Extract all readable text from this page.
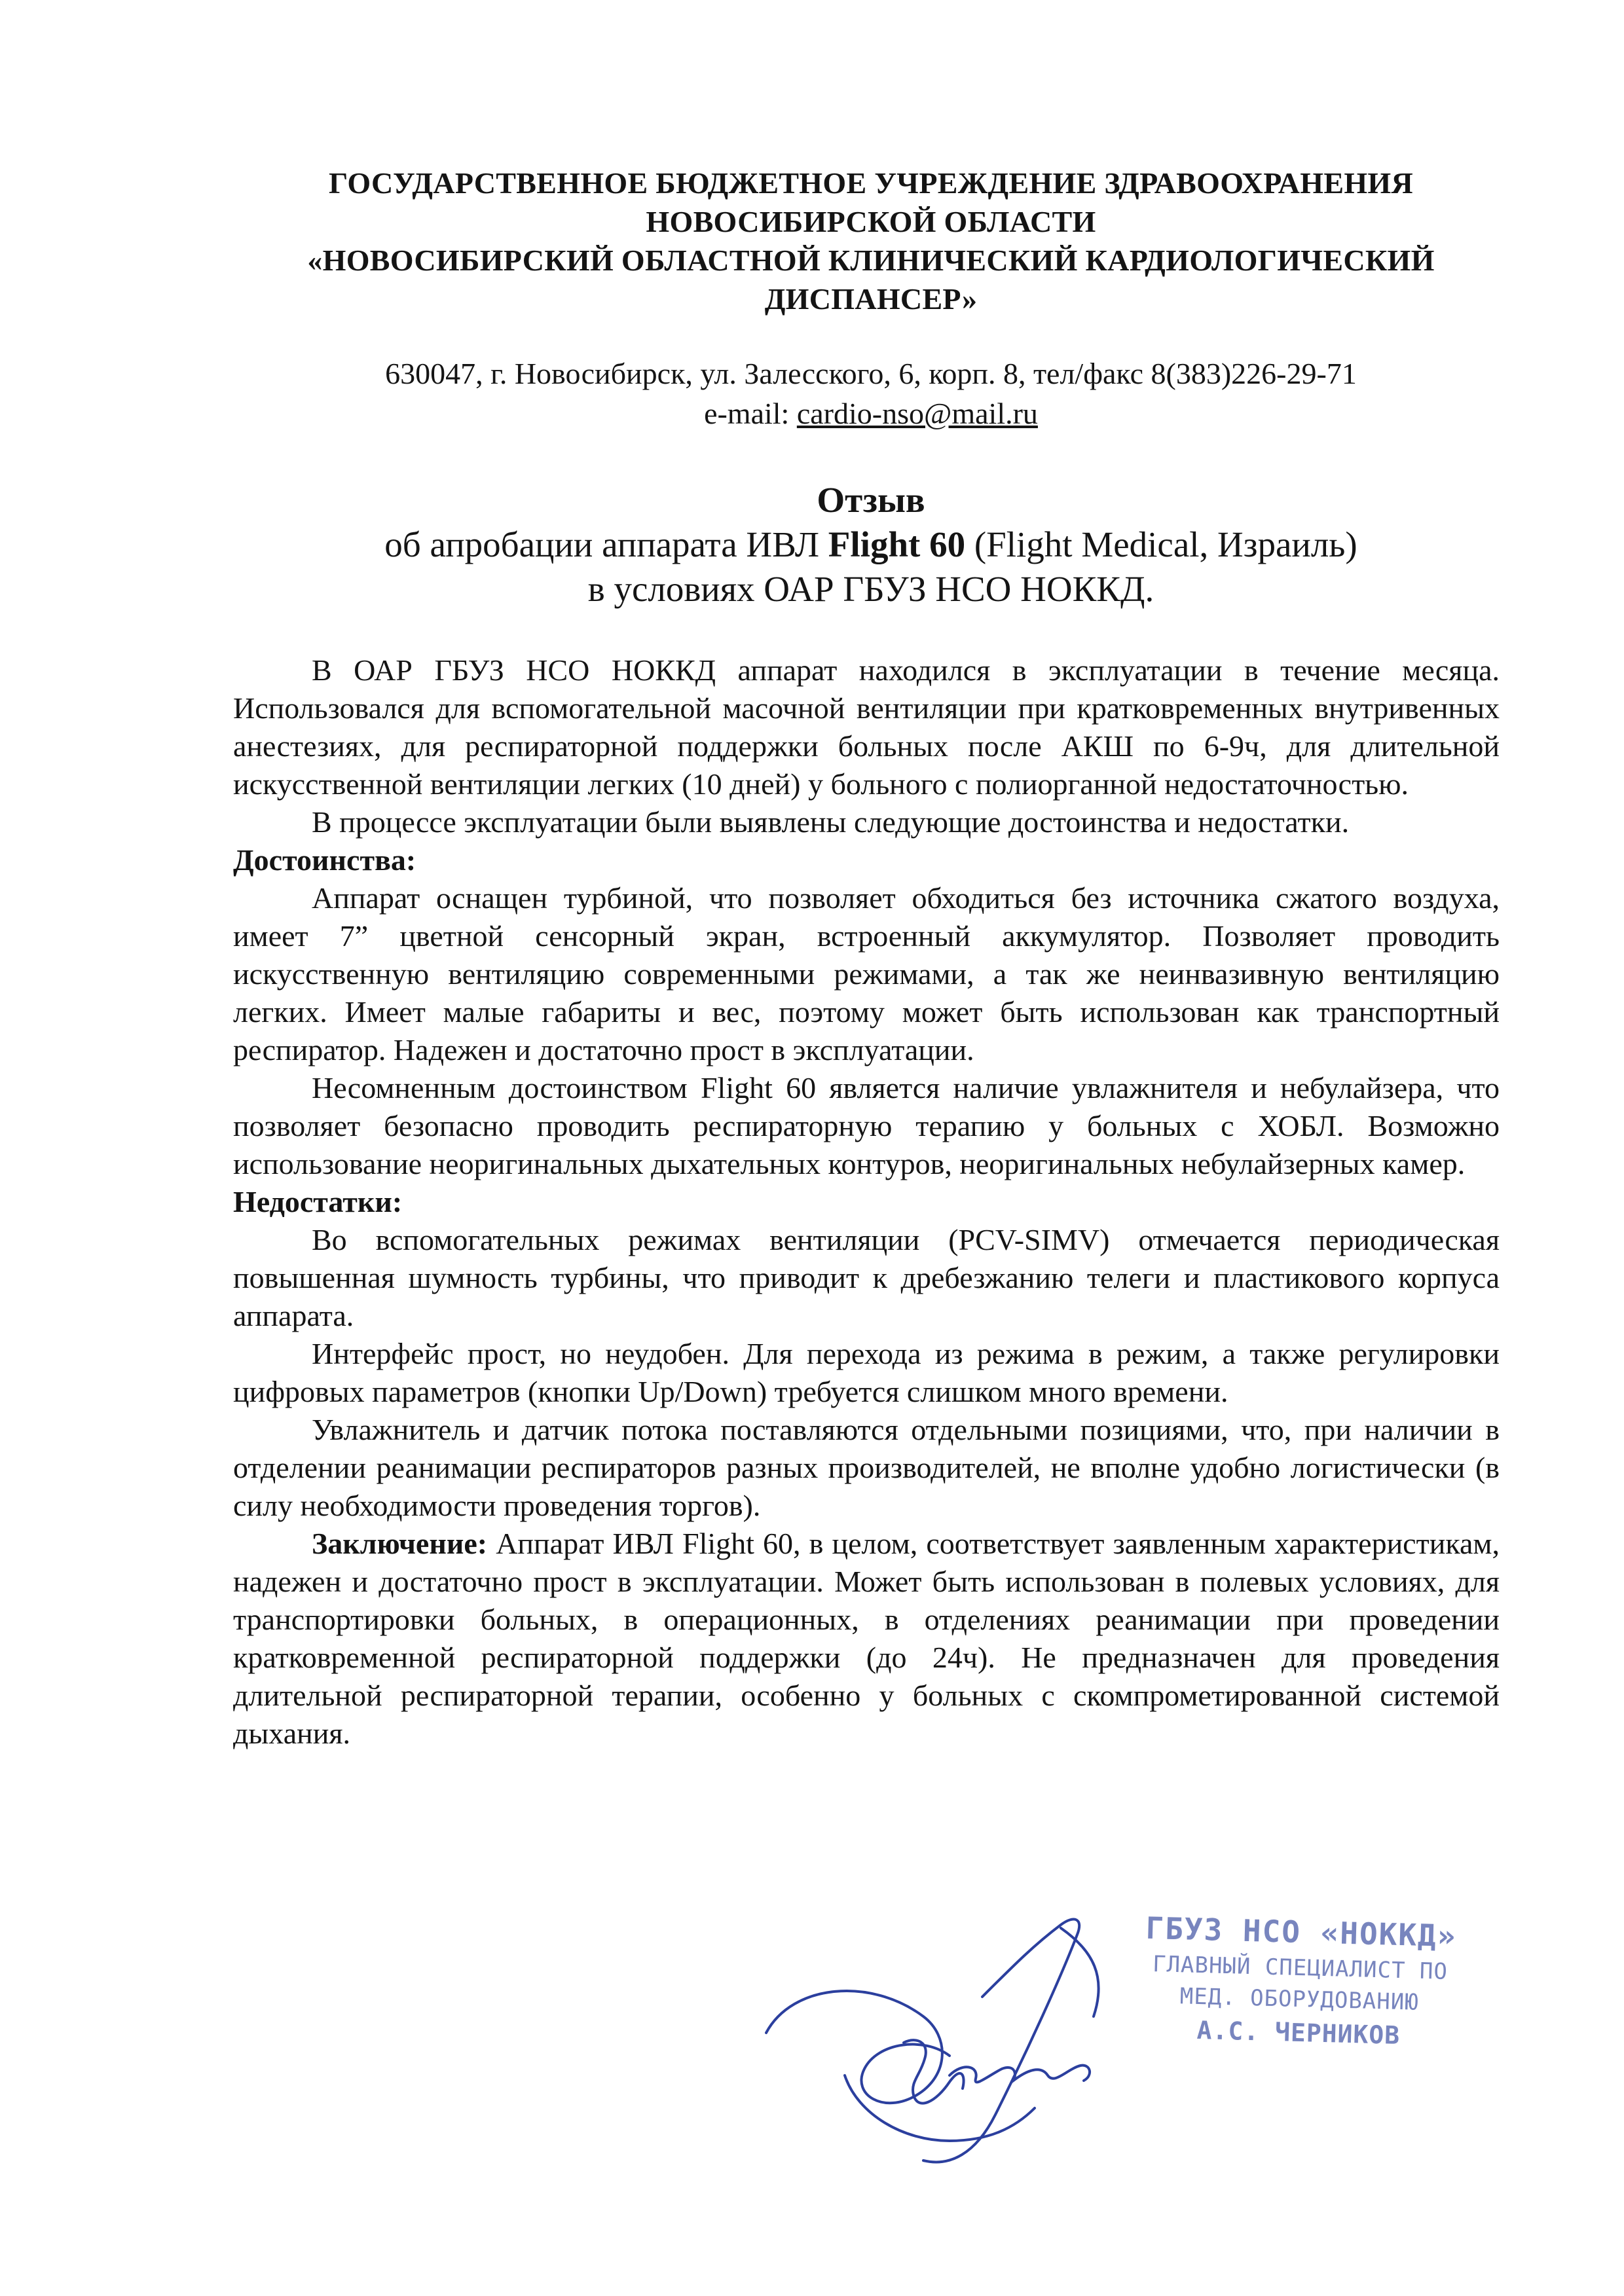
ГОСУДАРСТВЕННОЕ БЮДЖЕТНОЕ УЧРЕЖДЕНИЕ ЗДРАВООХРАНЕНИЯ
НОВОСИБИРСКОЙ ОБЛАСТИ
«НОВОСИБИРСКИЙ ОБЛАСТНОЙ КЛИНИЧЕСКИЙ КАРДИОЛОГИЧЕСКИЙ
ДИСПАНСЕР»
630047, г. Новосибирск, ул. Залесского, 6, корп. 8, тел/факс 8(383)226-29-71
e-mail: cardio-nso@mail.ru
Отзыв
об апробации аппарата ИВЛ Flight 60 (Flight Medical, Израиль)
в условиях ОАР ГБУЗ НСО НОККД.

В ОАР ГБУЗ НСО НОККД аппарат находился в эксплуатации в течение месяца. Использовался для вспомогательной масочной вентиляции при кратковременных внутривенных анестезиях, для респираторной поддержки больных после АКШ по 6-9ч, для длительной искусственной вентиляции легких (10 дней) у больного с полиорганной недостаточностью.

В процессе эксплуатации были выявлены следующие достоинства и недостатки.

Достоинства:

Аппарат оснащен турбиной, что позволяет обходиться без источника сжатого воздуха, имеет 7” цветной сенсорный экран, встроенный аккумулятор. Позволяет проводить искусственную вентиляцию современными режимами, а так же неинвазивную вентиляцию легких. Имеет малые габариты и вес, поэтому может быть использован как транспортный респиратор. Надежен и достаточно прост в эксплуатации.

Несомненным достоинством Flight 60 является наличие увлажнителя и небулайзера, что позволяет безопасно проводить респираторную терапию у больных с ХОБЛ. Возможно использование неоригинальных дыхательных контуров, неоригинальных небулайзерных камер.

Недостатки:

Во вспомогательных режимах вентиляции (PCV-SIMV) отмечается периодическая повышенная шумность турбины, что приводит к дребезжанию телеги и пластикового корпуса аппарата.

Интерфейс прост, но неудобен. Для перехода из режима в режим, а также регулировки цифровых параметров (кнопки Up/Down) требуется слишком много времени.

Увлажнитель и датчик потока поставляются отдельными позициями, что, при наличии в отделении реанимации респираторов разных производителей, не вполне удобно логистически (в силу необходимости проведения торгов).

Заключение: Аппарат ИВЛ Flight 60, в целом, соответствует заявленным характеристикам, надежен и достаточно прост в эксплуатации. Может быть использован в полевых условиях, для транспортировки больных, в операционных, в отделениях реанимации при проведении кратковременной респираторной поддержки (до 24ч). Не предназначен для проведения длительной респираторной терапии, особенно у больных с скомпрометированной системой дыхания.

ГБУЗ НСО «НОККД»
ГЛАВНЫЙ СПЕЦИАЛИСТ ПО
МЕД. ОБОРУДОВАНИЮ
А.С. ЧЕРНИКОВ
